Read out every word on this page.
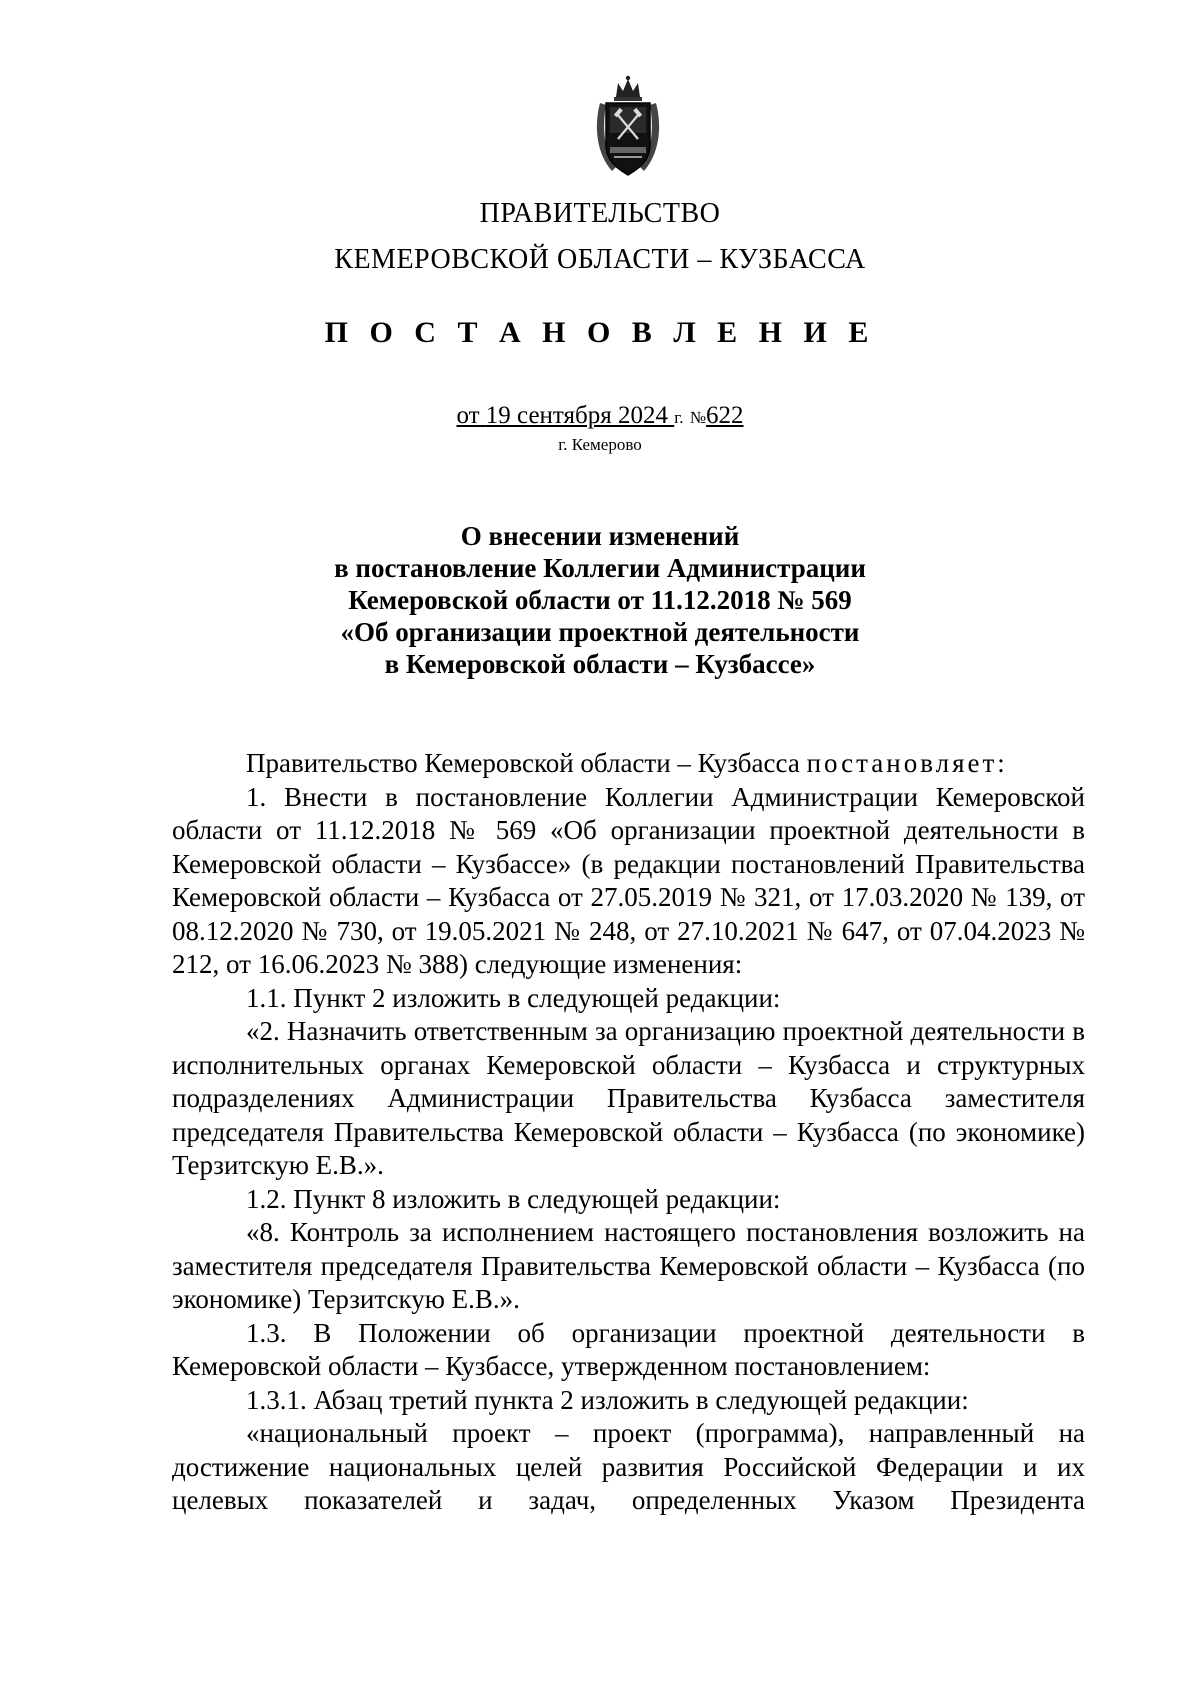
ПРАВИТЕЛЬСТВО
КЕМЕРОВСКОЙ ОБЛАСТИ – КУЗБАССА
П О С Т А Н О В Л Е Н И Е
от 19 сентября 2024 г. №622
г. Кемерово
О внесении изменений
в постановление Коллегии Администрации
Кемеровской области от 11.12.2018 № 569
«Об организации проектной деятельности
в Кемеровской области – Кузбассе»

Правительство Кемеровской области – Кузбасса постановляет:

1. Внести в постановление Коллегии Администрации Кемеровской области от 11.12.2018 № 569 «Об организации проектной деятельности в Кемеровской области – Кузбассе» (в редакции постановлений Правительства Кемеровской области – Кузбасса от 27.05.2019 № 321, от 17.03.2020 № 139, от 08.12.2020 № 730, от 19.05.2021 № 248, от 27.10.2021 № 647, от 07.04.2023 № 212, от 16.06.2023 № 388) следующие изменения:

1.1. Пункт 2 изложить в следующей редакции:

«2. Назначить ответственным за организацию проектной деятельности в исполнительных органах Кемеровской области – Кузбасса и структурных подразделениях Администрации Правительства Кузбасса заместителя председателя Правительства Кемеровской области – Кузбасса (по экономике) Терзитскую Е.В.».

1.2. Пункт 8 изложить в следующей редакции:

«8. Контроль за исполнением настоящего постановления возложить на заместителя председателя Правительства Кемеровской области – Кузбасса (по экономике) Терзитскую Е.В.».

1.3. В Положении об организации проектной деятельности в Кемеровской области – Кузбассе, утвержденном постановлением:

1.3.1. Абзац третий пункта 2 изложить в следующей редакции:

«национальный проект – проект (программа), направленный на достижение национальных целей развития Российской Федерации и их целевых показателей и задач, определенных Указом Президента
